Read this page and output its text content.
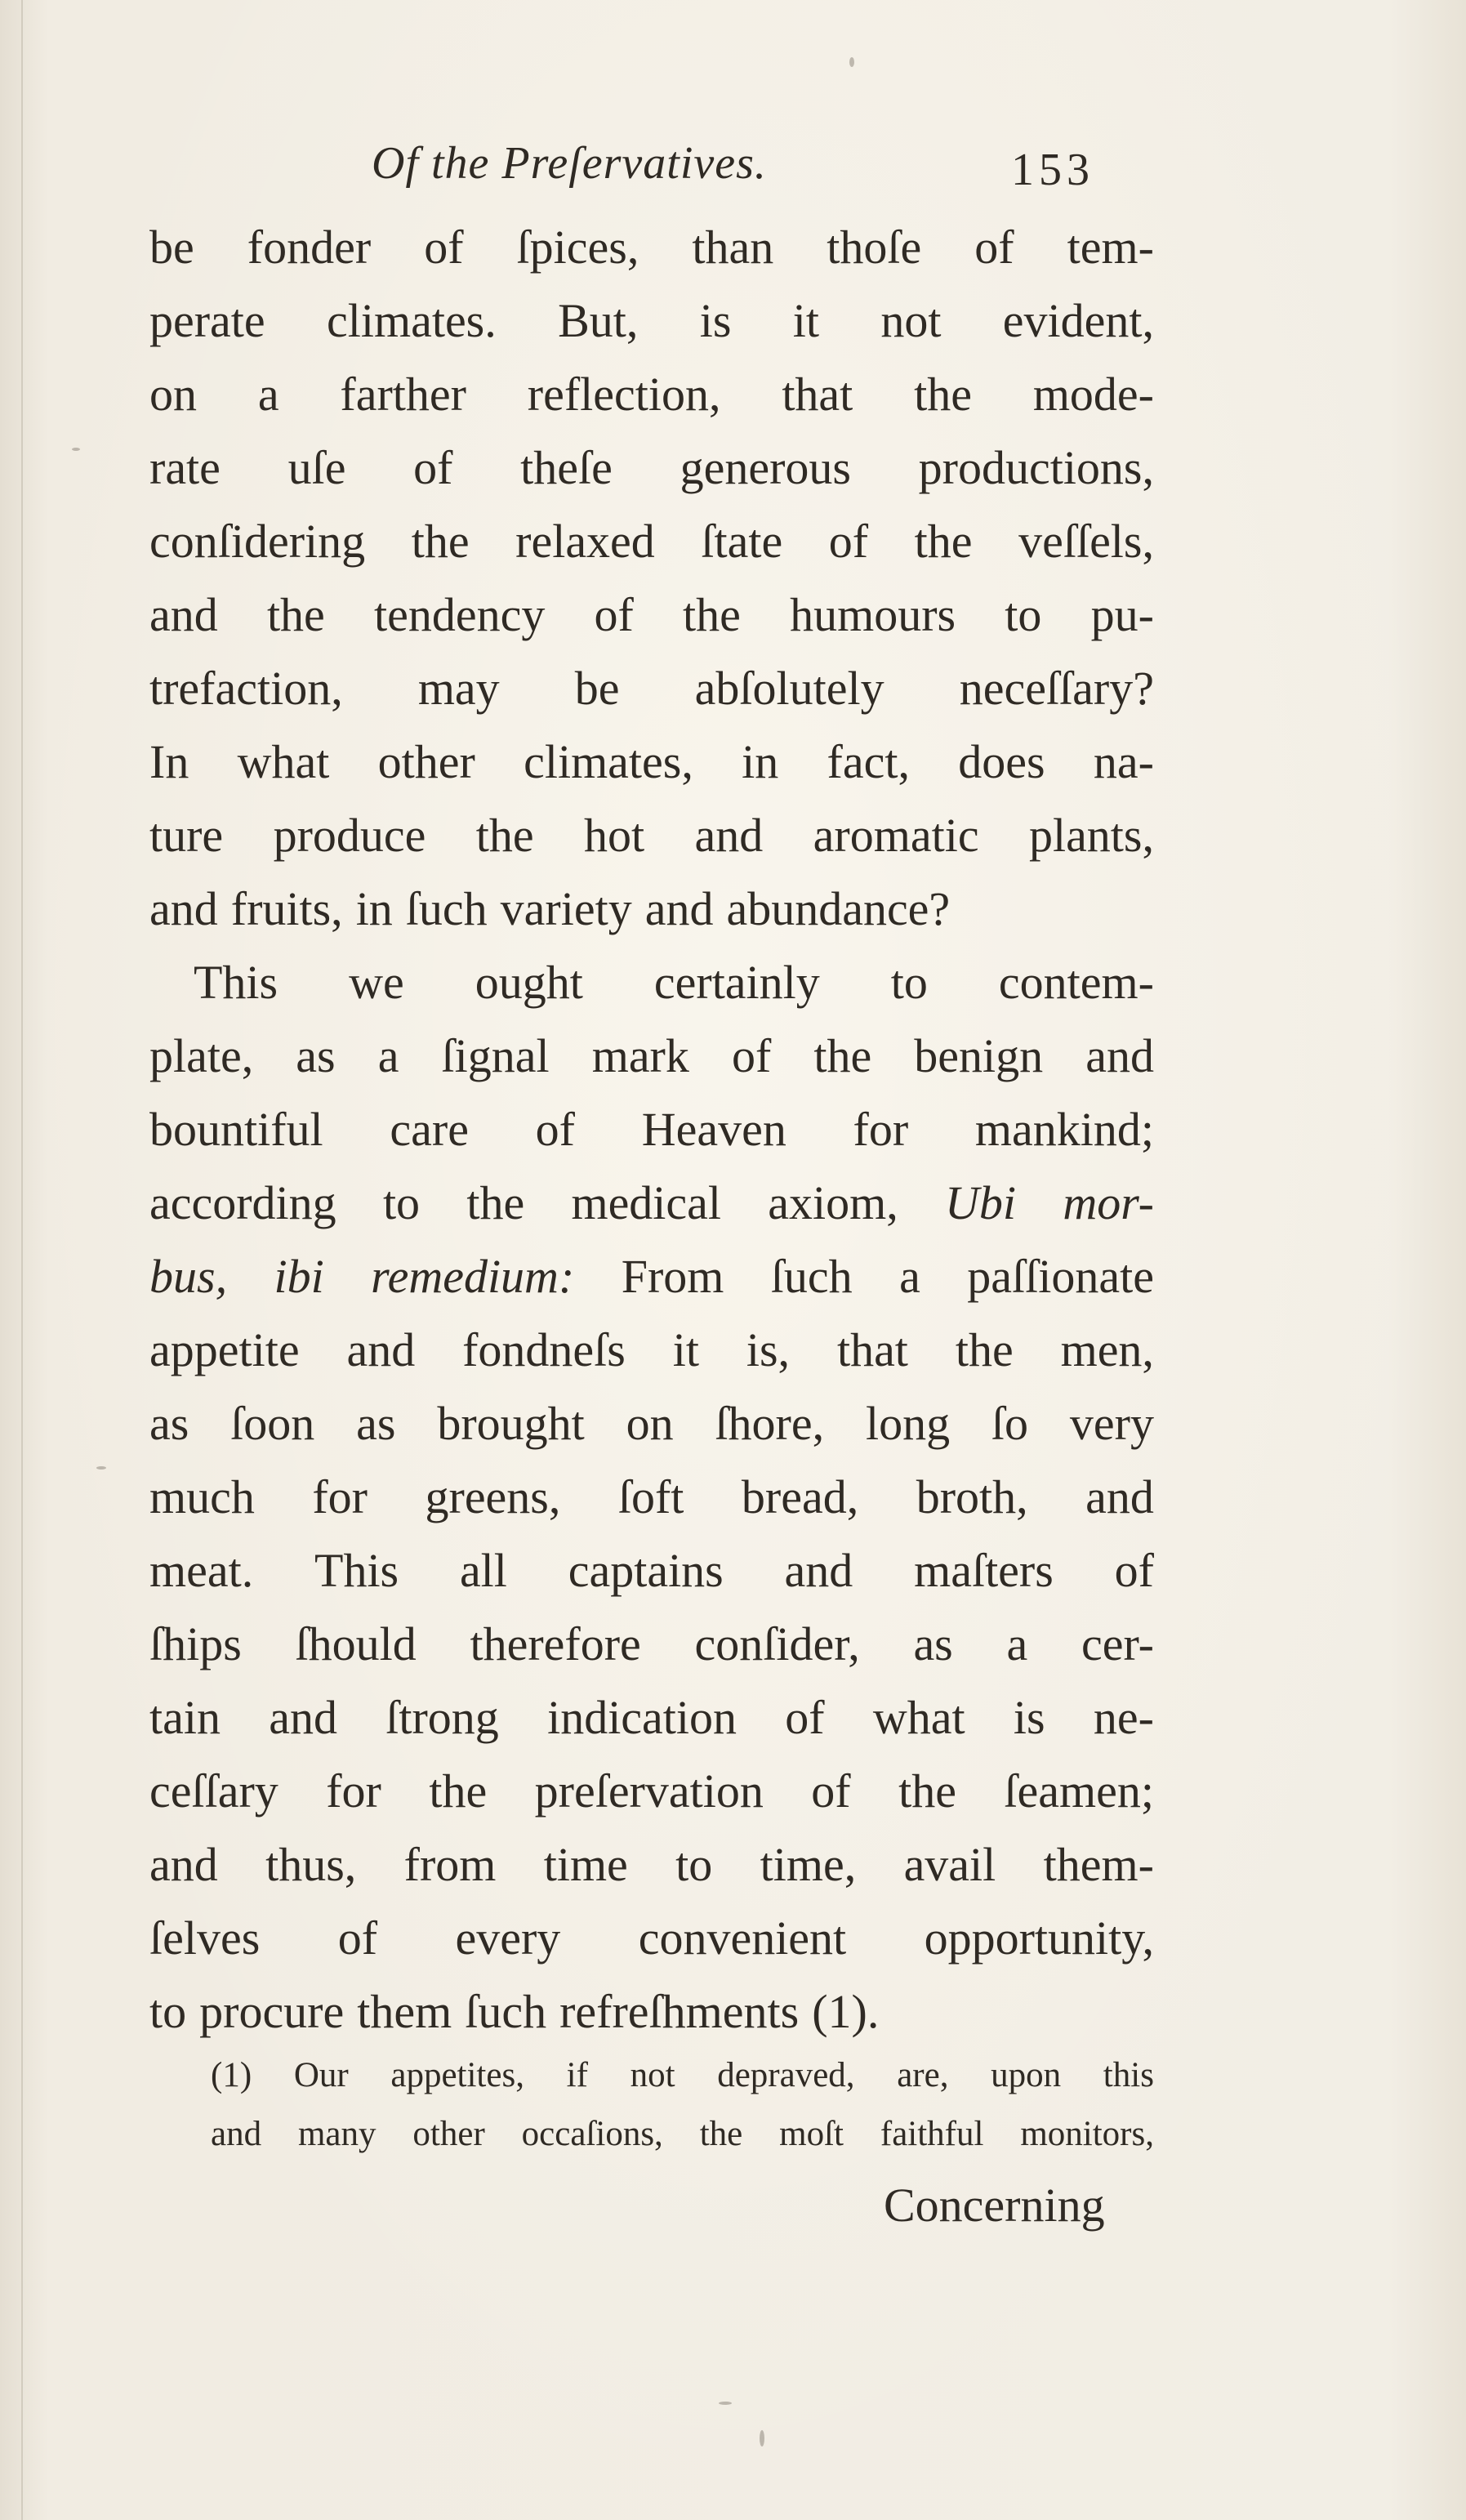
Of the Preſervatives.	153
be fonder of ſpices, than thoſe of tem-
perate climates. But, is it not evident,
on a farther reflection, that the mode-
rate uſe of theſe generous productions,
conſidering the relaxed ſtate of the veſſels,
and the tendency of the humours to pu-
trefaction, may be abſolutely neceſſary?
In what other climates, in fact, does na-
ture produce the hot and aromatic plants,
and fruits, in ſuch variety and abundance?
This we ought certainly to contem-
plate, as a ſignal mark of the benign and
bountiful care of Heaven for mankind;
according to the medical axiom, Ubi mor-
bus, ibi remedium: From ſuch a paſſionate
appetite and fondneſs it is, that the men,
as ſoon as brought on ſhore, long ſo very
much for greens, ſoft bread, broth, and
meat. This all captains and maſters of
ſhips ſhould therefore conſider, as a cer-
tain and ſtrong indication of what is ne-
ceſſary for the preſervation of the ſeamen;
and thus, from time to time, avail them-
ſelves of every convenient opportunity,
to procure them ſuch refreſhments (1).
(1) Our appetites, if not depraved, are, upon this
and many other occaſions, the moſt faithful monitors,
Concerning
